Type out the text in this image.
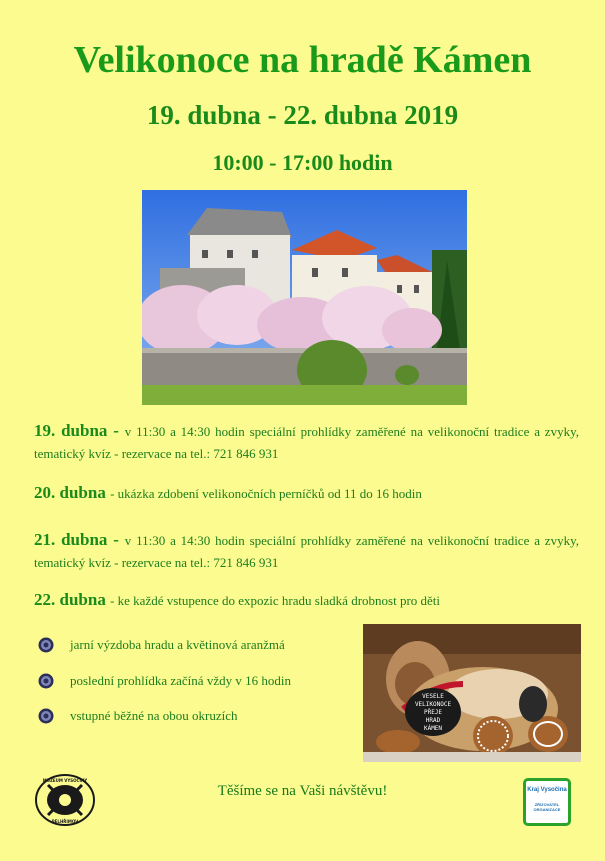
Velikonoce na hradě Kámen
19. dubna - 22. dubna 2019
10:00 - 17:00 hodin
19. dubna - v 11:30 a 14:30 hodin speciální prohlídky zaměřené na velikonoční tradice a zvyky, tematický kvíz - rezervace na tel.: 721 846 931
20. dubna - ukázka zdobení velikonočních perníčků od 11 do 16 hodin
21. dubna - v 11:30 a 14:30 hodin speciální prohlídky zaměřené na velikonoční tradice a zvyky, tematický kvíz - rezervace na tel.: 721 846 931
22. dubna - ke každé vstupence do expozic hradu sladká drobnost pro děti
jarní výzdoba hradu a květinová aranžmá
poslední prohlídka začíná vždy v 16 hodin
vstupné běžné na obou okruzích
VESELE
VELIKONOCE
PŘEJE
HRAD
KÁMEN
Těšíme se na Vaši návštěvu!
MUZEUM VYSOČINY
PELHŘIMOV
Kraj Vysočina
ZŘIZOVATEL
ORGANIZACE
